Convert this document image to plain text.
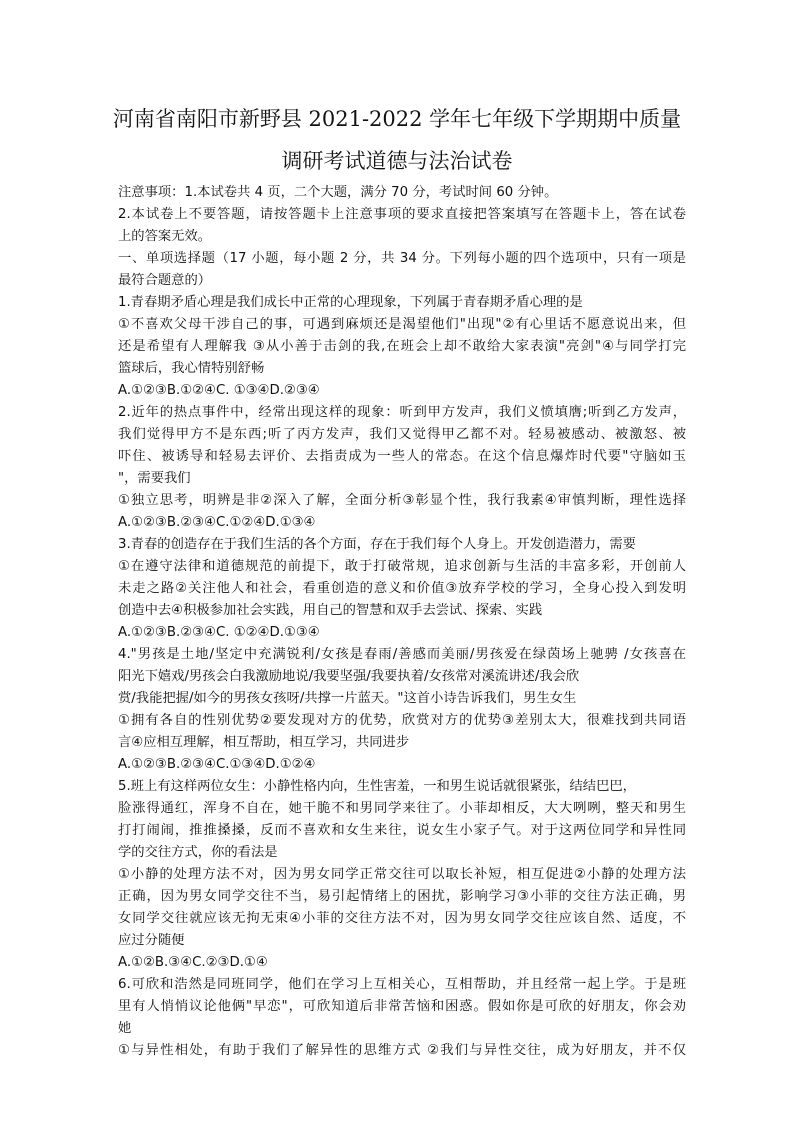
河南省南阳市新野县 2021-2022 学年七年级下学期期中质量
调研考试道德与法治试卷
注意事项：1.本试卷共 4 页，二个大题，满分 70 分，考试时间 60 分钟。
2.本试卷上不要答题，请按答题卡上注意事项的要求直接把答案填写在答题卡上，答在试卷
上的答案无效。
一、单项选择题（17 小题，每小题 2 分，共 34 分。下列每小题的四个选项中，只有一项是
最符合题意的）
1.青春期矛盾心理是我们成长中正常的心理现象，下列属于青春期矛盾心理的是
①不喜欢父母干涉自己的事，可遇到麻烦还是渴望他们"出现"②有心里话不愿意说出来，但
还是希望有人理解我 ③从小善于击剑的我,在班会上却不敢给大家表演"亮剑"④与同学打完
篮球后，我心情特别舒畅
A.①②③B.①②④C. ①③④D.②③④
2.近年的热点事件中，经常出现这样的现象：听到甲方发声，我们义愤填膺;听到乙方发声，
我们觉得甲方不是东西;听了丙方发声，我们又觉得甲乙都不对。轻易被感动、被激怒、被
吓住、被诱导和轻易去评价、去指责成为一些人的常态。在这个信息爆炸时代要"守脑如玉
"，需要我们
①独立思考，明辨是非②深入了解，全面分析③彰显个性，我行我素④审慎判断，理性选择
A.①②③B.②③④C.①②④D.①③④
3.青春的创造存在于我们生活的各个方面，存在于我们每个人身上。开发创造潜力，需要
①在遵守法律和道德规范的前提下，敢于打破常规，追求创新与生活的丰富多彩，开创前人
未走之路②关注他人和社会，看重创造的意义和价值③放弃学校的学习，全身心投入到发明
创造中去④积极参加社会实践，用自己的智慧和双手去尝试、探索、实践
A.①②③B.②③④C. ①②④D.①③④
4."男孩是土地/坚定中充满锐利/女孩是春雨/善感而美丽/男孩爱在绿茵场上驰骋 /女孩喜在
阳光下嬉戏/男孩会白我激励地说/我要坚强/我要执着/女孩常对溪流讲述/我会欣
赏/我能把握/如今的男孩女孩呀/共撑一片蓝天。"这首小诗告诉我们，男生女生
①拥有各自的性别优势②要发现对方的优势，欣赏对方的优势③差别太大，很难找到共同语
言④应相互理解，相互帮助，相互学习，共同进步
A.①②③B.②③④C.①③④D.①②④
5.班上有这样两位女生：小静性格内向，生性害羞，一和男生说话就很紧张，结结巴巴，
脸涨得通红，浑身不自在，她干脆不和男同学来往了。小菲却相反，大大咧咧，整天和男生
打打闹闹，推推搡搡，反而不喜欢和女生来往，说女生小家子气。对于这两位同学和异性同
学的交往方式，你的看法是
①小静的处理方法不对，因为男女同学正常交往可以取长补短，相互促进②小静的处理方法
正确，因为男女同学交往不当，易引起情绪上的困扰，影响学习③小菲的交往方法正确，男
女同学交往就应该无拘无束④小菲的交往方法不对，因为男女同学交往应该自然、适度，不
应过分随便
A.①②B.③④C.②③D.①④
6.可欣和浩然是同班同学，他们在学习上互相关心，互相帮助，并且经常一起上学。于是班
里有人悄悄议论他俩"早恋"，可欣知道后非常苦恼和困惑。假如你是可欣的好朋友，你会劝
她
①与异性相处，有助于我们了解异性的思维方式 ②我们与异性交往，成为好朋友，并不仅
